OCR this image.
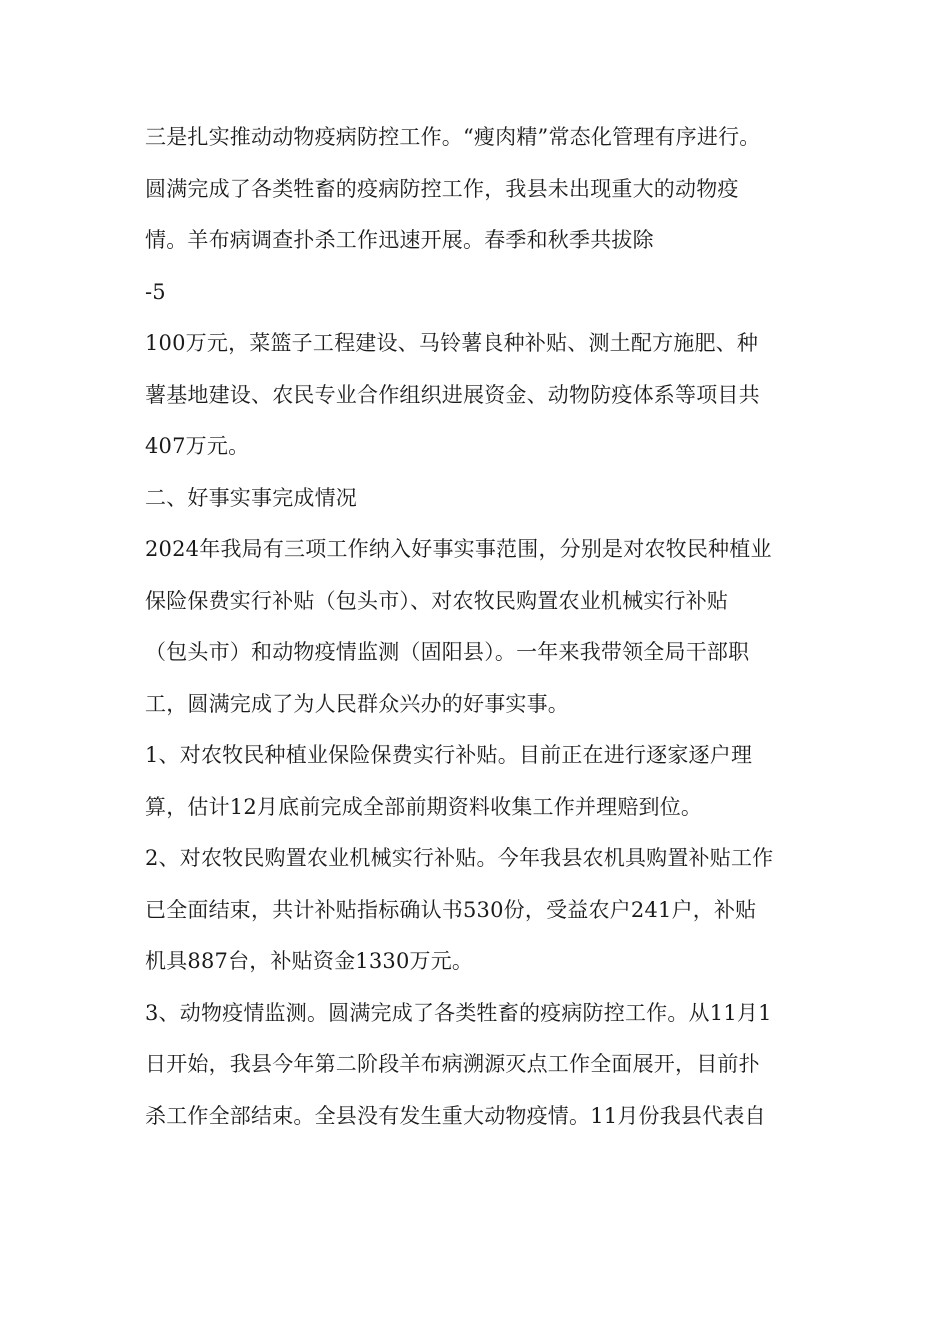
三是扎实推动动物疫病防控工作。“瘦肉精”常态化管理有序进行。
圆满完成了各类牲畜的疫病防控工作，我县未出现重大的动物疫
情。羊布病调查扑杀工作迅速开展。春季和秋季共拔除
-5
100万元，菜篮子工程建设、马铃薯良种补贴、测土配方施肥、种
薯基地建设、农民专业合作组织进展资金、动物防疫体系等项目共
407万元。
二、好事实事完成情况
2024年我局有三项工作纳入好事实事范围，分别是对农牧民种植业
保险保费实行补贴（包头市）、对农牧民购置农业机械实行补贴
（包头市）和动物疫情监测（固阳县）。一年来我带领全局干部职
工，圆满完成了为人民群众兴办的好事实事。
1、对农牧民种植业保险保费实行补贴。目前正在进行逐家逐户理
算，估计12月底前完成全部前期资料收集工作并理赔到位。
2、对农牧民购置农业机械实行补贴。今年我县农机具购置补贴工作
已全面结束，共计补贴指标确认书530份，受益农户241户，补贴
机具887台，补贴资金1330万元。
3、动物疫情监测。圆满完成了各类牲畜的疫病防控工作。从11月1
日开始，我县今年第二阶段羊布病溯源灭点工作全面展开，目前扑
杀工作全部结束。全县没有发生重大动物疫情。11月份我县代表自
